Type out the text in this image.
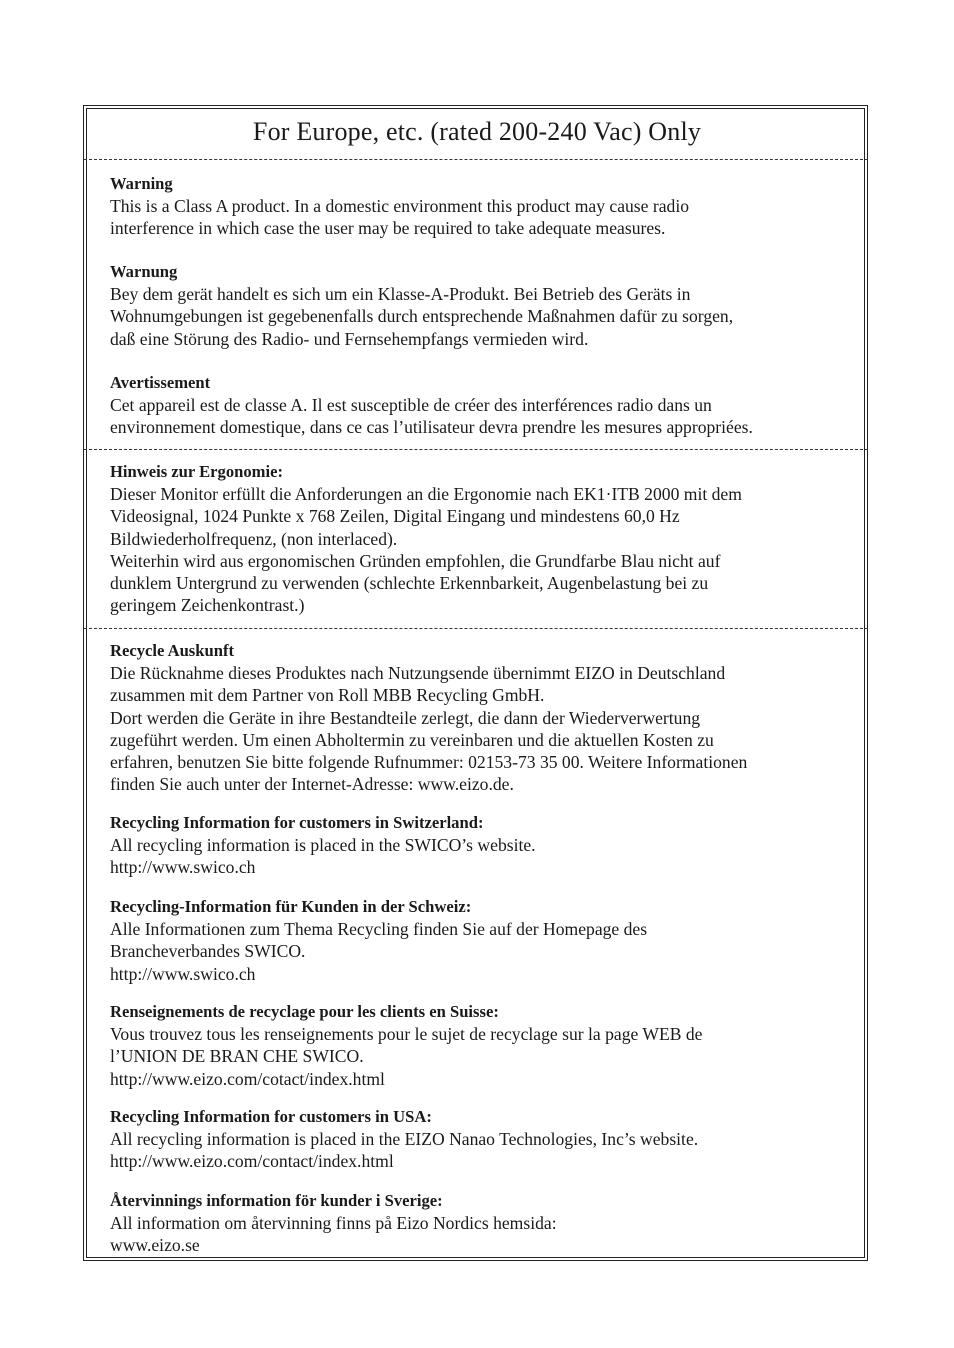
For Europe, etc. (rated 200-240 Vac) Only
Warning
This is a Class A product. In a domestic environment this product may cause radio
interference in which case the user may be required to take adequate measures.
Warnung
Bey dem gerät handelt es sich um ein Klasse-A-Produkt. Bei Betrieb des Geräts in
Wohnumgebungen ist gegebenenfalls durch entsprechende Maßnahmen dafür zu sorgen,
daß eine Störung des Radio- und Fernsehempfangs vermieden wird.
Avertissement
Cet appareil est de classe A. Il est susceptible de créer des interférences radio dans un
environnement domestique, dans ce cas l’utilisateur devra prendre les mesures appropriées.
Hinweis zur Ergonomie:
Dieser Monitor erfüllt die Anforderungen an die Ergonomie nach EK1·ITB 2000 mit dem
Videosignal, 1024 Punkte x 768 Zeilen, Digital Eingang und mindestens 60,0 Hz
Bildwiederholfrequenz, (non interlaced).
Weiterhin wird aus ergonomischen Gründen empfohlen, die Grundfarbe Blau nicht auf
dunklem Untergrund zu verwenden (schlechte Erkennbarkeit, Augenbelastung bei zu
geringem Zeichenkontrast.)
Recycle Auskunft
Die Rücknahme dieses Produktes nach Nutzungsende übernimmt EIZO in Deutschland
zusammen mit dem Partner von Roll MBB Recycling GmbH.
Dort werden die Geräte in ihre Bestandteile zerlegt, die dann der Wiederverwertung
zugeführt werden. Um einen Abholtermin zu vereinbaren und die aktuellen Kosten zu
erfahren, benutzen Sie bitte folgende Rufnummer: 02153-73 35 00. Weitere Informationen
finden Sie auch unter der Internet-Adresse: www.eizo.de.
Recycling Information for customers in Switzerland:
All recycling information is placed in the SWICO’s website.
http://www.swico.ch
Recycling-Information für Kunden in der Schweiz:
Alle Informationen zum Thema Recycling finden Sie auf der Homepage des
Brancheverbandes SWICO.
http://www.swico.ch
Renseignements de recyclage pour les clients en Suisse:
Vous trouvez tous les renseignements pour le sujet de recyclage sur la page WEB de
l’UNION DE BRAN CHE SWICO.
http://www.eizo.com/cotact/index.html
Recycling Information for customers in USA:
All recycling information is placed in the EIZO Nanao Technologies, Inc’s website.
http://www.eizo.com/contact/index.html
Återvinnings information för kunder i Sverige:
All information om återvinning finns på Eizo Nordics hemsida:
www.eizo.se
